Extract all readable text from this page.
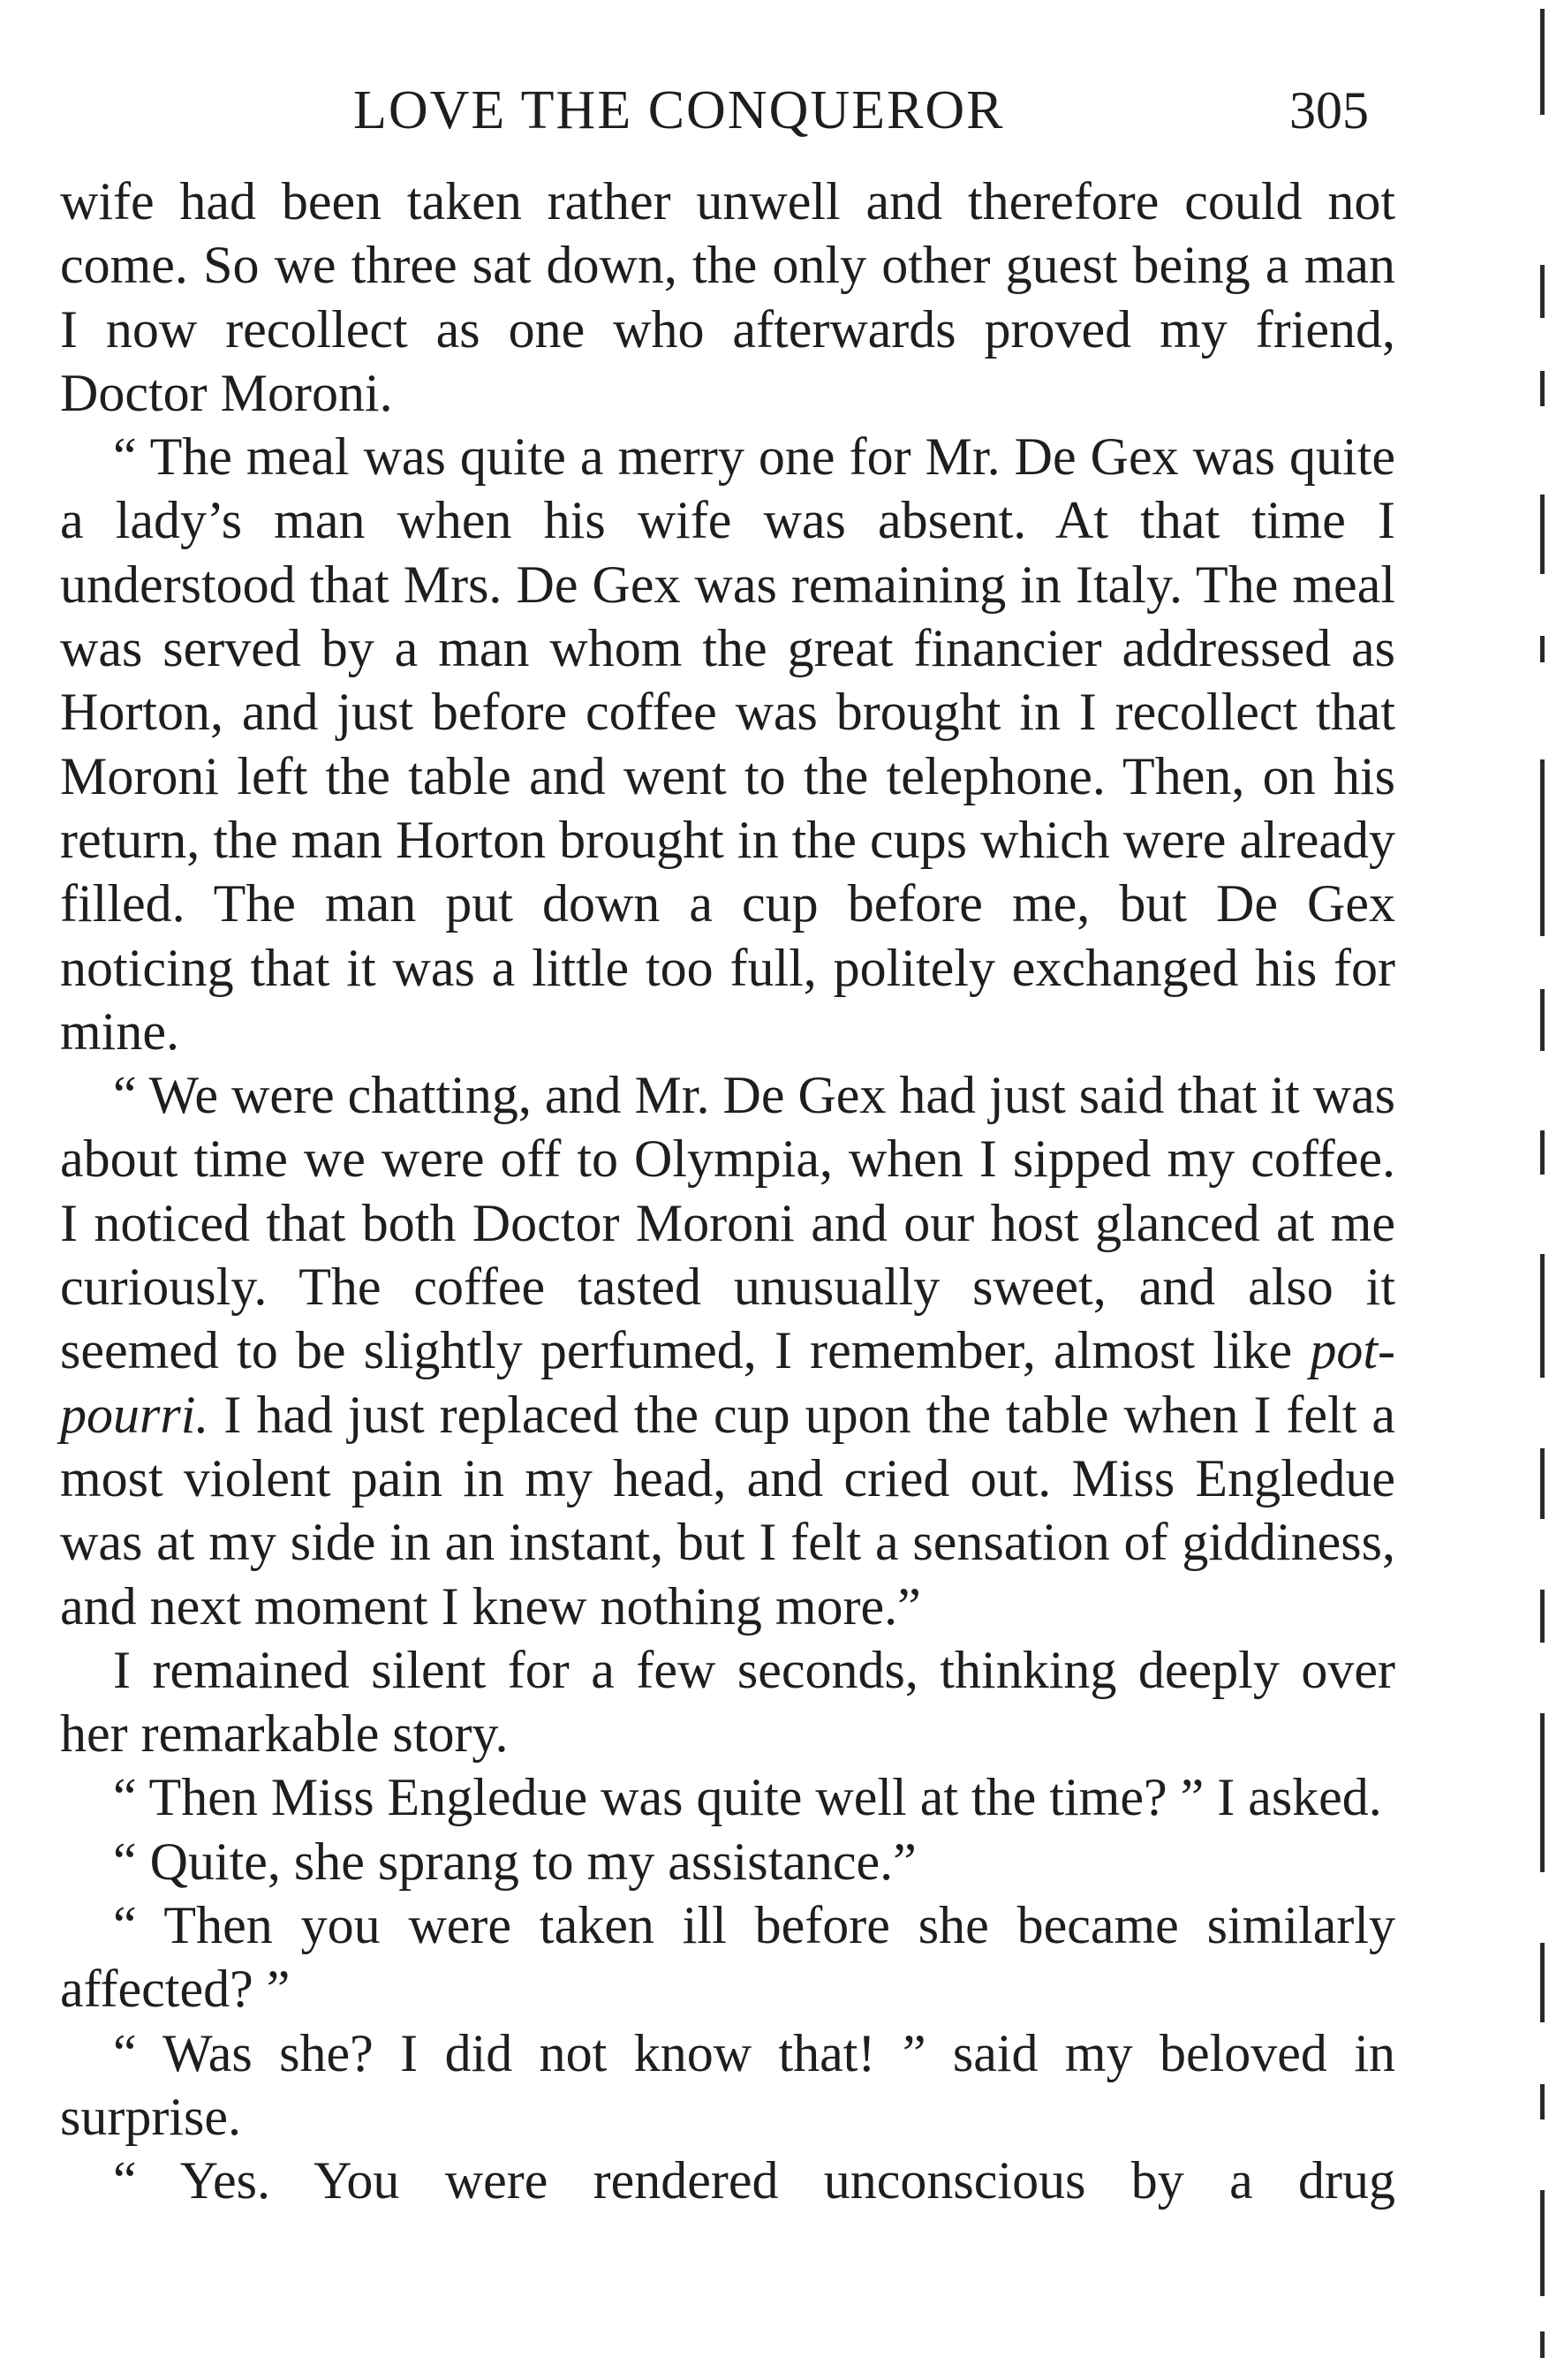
LOVE THE CONQUEROR	305

wife had been taken rather unwell and therefore could not come. So we three sat down, the only other guest being a man I now recollect as one who afterwards proved my friend, Doctor Moroni.

“ The meal was quite a merry one for Mr. De Gex was quite a lady’s man when his wife was absent. At that time I understood that Mrs. De Gex was remaining in Italy. The meal was served by a man whom the great financier addressed as Horton, and just before coffee was brought in I recollect that Moroni left the table and went to the telephone. Then, on his return, the man Horton brought in the cups which were already filled. The man put down a cup before me, but De Gex noticing that it was a little too full, politely exchanged his for mine.

“ We were chatting, and Mr. De Gex had just said that it was about time we were off to Olympia, when I sipped my coffee. I noticed that both Doctor Moroni and our host glanced at me curiously. The coffee tasted unusually sweet, and also it seemed to be slightly perfumed, I remember, almost like pot-pourri. I had just replaced the cup upon the table when I felt a most violent pain in my head, and cried out. Miss Engledue was at my side in an instant, but I felt a sensation of giddiness, and next moment I knew nothing more.”

I remained silent for a few seconds, thinking deeply over her remarkable story.

“ Then Miss Engledue was quite well at the time? ” I asked.

“ Quite, she sprang to my assistance.”

“ Then you were taken ill before she became similarly affected? ”

“ Was she? I did not know that! ” said my beloved in surprise.

“ Yes. You were rendered unconscious by a drug
